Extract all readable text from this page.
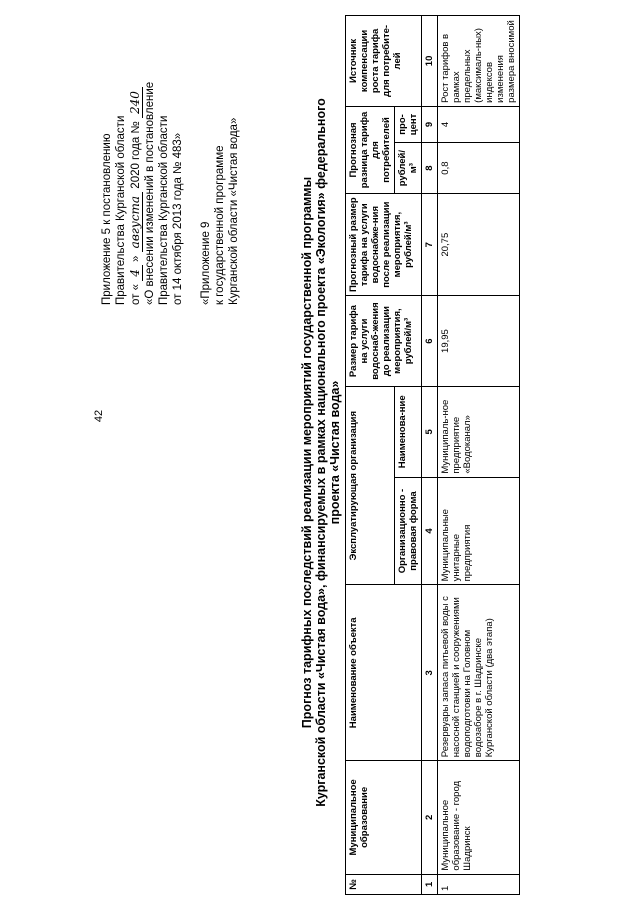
42
Приложение 5 к постановлению Правительства Курганской области от « 4 » августа 2020 года № 240 «О внесении изменений в постановление Правительства Курганской области от 14 октября 2013 года № 483» «Приложение 9 к государственной программе Курганской области «Чистая вода»	Прогноз тарифных последствий реализации мероприятий государственной программы Курганской области «Чистая вода», финансируемых в рамках национального проекта «Экология» федерального проекта «Чистая вода»
№	Муниципальное образование	Наименование объекта	Эксплуатирующая организация		Размер тарифа на услуги водоснаб-жения до реализации мероприятия, рублей/м³	Прогнозный размер тарифа на услуги водоснабже-ния после реализации мероприятия, рублей/м³	Прогнозная разница тарифа для потребителей		Источник компенсации роста тарифа для потребите-лей
			Организационно - правовая форма	Наименова-ние			рублей/м³	про-цент	
1	2	3	4	5	6	7	8	9	10
1	Муниципальное образование - город Шадринск	Резервуары запаса питьевой воды с насосной станцией и сооружениями водоподготовки на Головном водозаборе в г. Шадринске Курганской области (два этапа)	Муниципальные унитарные предприятия	Муниципаль-ное предприятие «Водоканал»	19,95	20,75	0,8	4	Рост тарифов в рамках предельных (максималь-ных) индексов изменения размера вносимой
